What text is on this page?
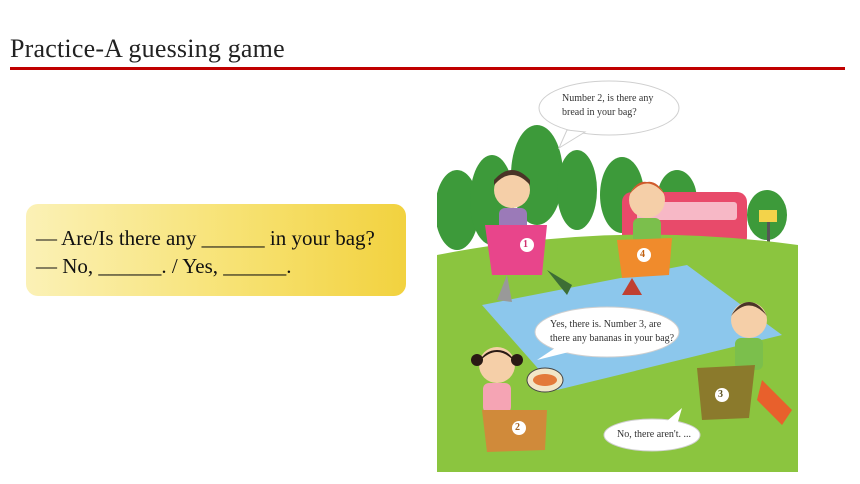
Practice-A guessing game
— Are/Is there any ______ in your bag?
— No, ______. / Yes, ______.
Number 2, is there any
bread in your bag?
Yes, there is. Number 3, are
there any bananas in your bag?
No, there aren't. ...
1
2
3
4
